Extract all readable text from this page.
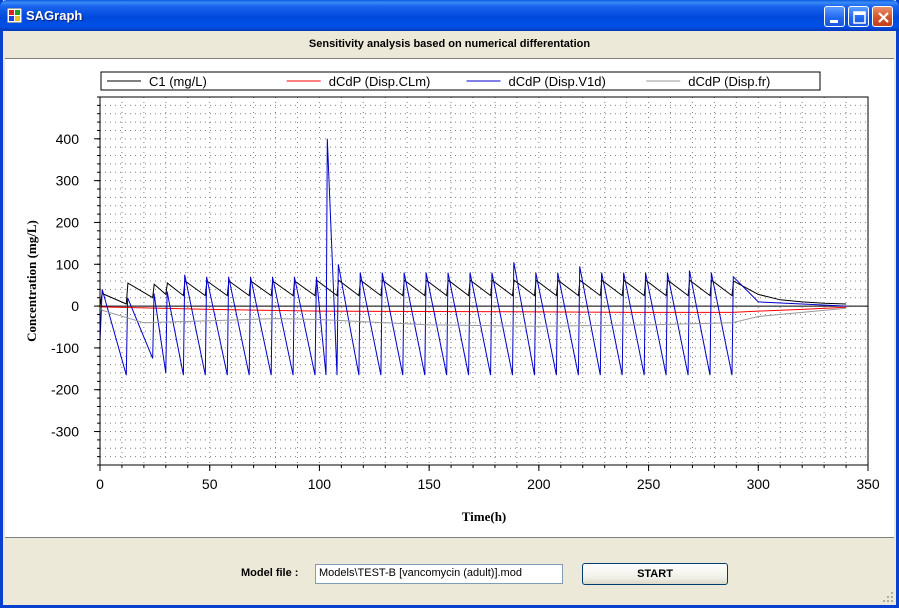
SAGraph
Sensitivity analysis based on numerical differentation
0	50	100	150	200	250	300	350
-300
-200
-100
0
100
200
300
400
Time(h)
Concentration (mg/L)
C1 (mg/L)	dCdP (Disp.CLm)	dCdP (Disp.V1d)	dCdP (Disp.fr)
Model file :	Models\TEST-B [vancomycin (adult)].mod	START
